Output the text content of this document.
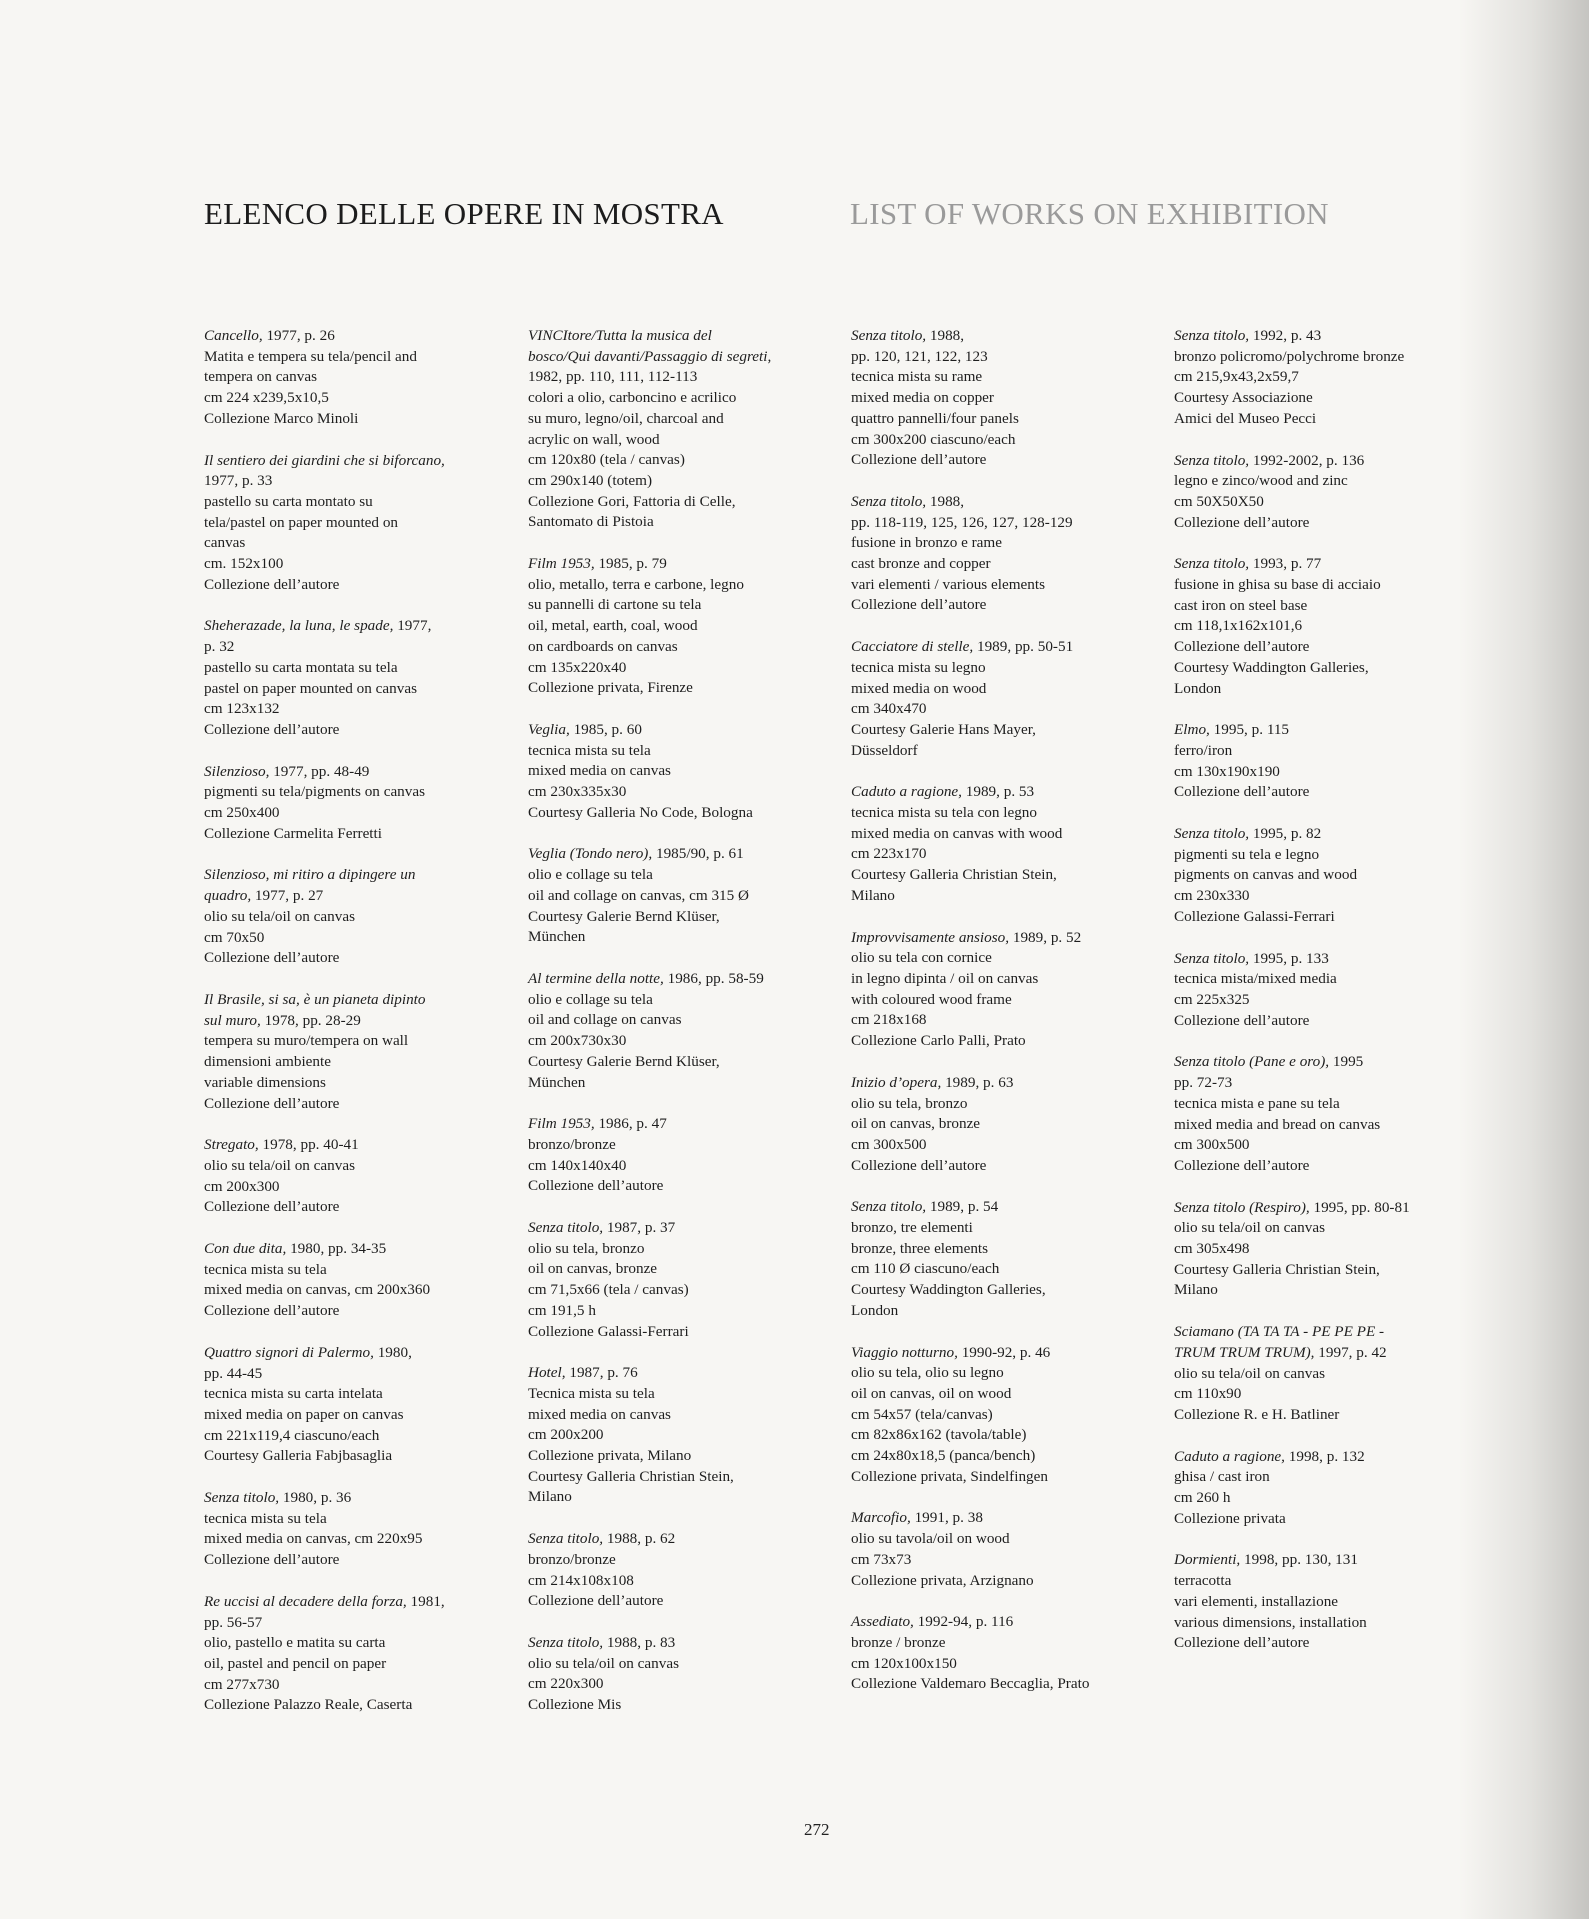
ELENCO DELLE OPERE IN MOSTRA	LIST OF WORKS ON EXHIBITION
Cancello, 1977, p. 26
Matita e tempera su tela/pencil and
tempera on canvas
cm 224 x239,5x10,5
Collezione Marco Minoli
Il sentiero dei giardini che si biforcano,
1977, p. 33
pastello su carta montato su
tela/pastel on paper mounted on
canvas
cm. 152x100
Collezione dell’autore
Sheherazade, la luna, le spade, 1977,
p. 32
pastello su carta montata su tela
pastel on paper mounted on canvas
cm 123x132
Collezione dell’autore
Silenzioso, 1977, pp. 48-49
pigmenti su tela/pigments on canvas
cm 250x400
Collezione Carmelita Ferretti
Silenzioso, mi ritiro a dipingere un
quadro, 1977, p. 27
olio su tela/oil on canvas
cm 70x50
Collezione dell’autore
Il Brasile, si sa, è un pianeta dipinto
sul muro, 1978, pp. 28-29
tempera su muro/tempera on wall
dimensioni ambiente
variable dimensions
Collezione dell’autore
Stregato, 1978, pp. 40-41
olio su tela/oil on canvas
cm 200x300
Collezione dell’autore
Con due dita, 1980, pp. 34-35
tecnica mista su tela
mixed media on canvas, cm 200x360
Collezione dell’autore
Quattro signori di Palermo, 1980,
pp. 44-45
tecnica mista su carta intelata
mixed media on paper on canvas
cm 221x119,4 ciascuno/each
Courtesy Galleria Fabjbasaglia
Senza titolo, 1980, p. 36
tecnica mista su tela
mixed media on canvas, cm 220x95
Collezione dell’autore
Re uccisi al decadere della forza, 1981,
pp. 56-57
olio, pastello e matita su carta
oil, pastel and pencil on paper
cm 277x730
Collezione Palazzo Reale, Caserta
VINCItore/Tutta la musica del
bosco/Qui davanti/Passaggio di segreti,
1982, pp. 110, 111, 112-113
colori a olio, carboncino e acrilico
su muro, legno/oil, charcoal and
acrylic on wall, wood
cm 120x80 (tela / canvas)
cm 290x140 (totem)
Collezione Gori, Fattoria di Celle,
Santomato di Pistoia
Film 1953, 1985, p. 79
olio, metallo, terra e carbone, legno
su pannelli di cartone su tela
oil, metal, earth, coal, wood
on cardboards on canvas
cm 135x220x40
Collezione privata, Firenze
Veglia, 1985, p. 60
tecnica mista su tela
mixed media on canvas
cm 230x335x30
Courtesy Galleria No Code, Bologna
Veglia (Tondo nero), 1985/90, p. 61
olio e collage su tela
oil and collage on canvas, cm 315 Ø
Courtesy Galerie Bernd Klüser,
München
Al termine della notte, 1986, pp. 58-59
olio e collage su tela
oil and collage on canvas
cm 200x730x30
Courtesy Galerie Bernd Klüser,
München
Film 1953, 1986, p. 47
bronzo/bronze
cm 140x140x40
Collezione dell’autore
Senza titolo, 1987, p. 37
olio su tela, bronzo
oil on canvas, bronze
cm 71,5x66 (tela / canvas)
cm 191,5 h
Collezione Galassi-Ferrari
Hotel, 1987, p. 76
Tecnica mista su tela
mixed media on canvas
cm 200x200
Collezione privata, Milano
Courtesy Galleria Christian Stein,
Milano
Senza titolo, 1988, p. 62
bronzo/bronze
cm 214x108x108
Collezione dell’autore
Senza titolo, 1988, p. 83
olio su tela/oil on canvas
cm 220x300
Collezione Mis
Senza titolo, 1988,
pp. 120, 121, 122, 123
tecnica mista su rame
mixed media on copper
quattro pannelli/four panels
cm 300x200 ciascuno/each
Collezione dell’autore
Senza titolo, 1988,
pp. 118-119, 125, 126, 127, 128-129
fusione in bronzo e rame
cast bronze and copper
vari elementi / various elements
Collezione dell’autore
Cacciatore di stelle, 1989, pp. 50-51
tecnica mista su legno
mixed media on wood
cm 340x470
Courtesy Galerie Hans Mayer,
Düsseldorf
Caduto a ragione, 1989, p. 53
tecnica mista su tela con legno
mixed media on canvas with wood
cm 223x170
Courtesy Galleria Christian Stein,
Milano
Improvvisamente ansioso, 1989, p. 52
olio su tela con cornice
in legno dipinta / oil on canvas
with coloured wood frame
cm 218x168
Collezione Carlo Palli, Prato
Inizio d’opera, 1989, p. 63
olio su tela, bronzo
oil on canvas, bronze
cm 300x500
Collezione dell’autore
Senza titolo, 1989, p. 54
bronzo, tre elementi
bronze, three elements
cm 110 Ø ciascuno/each
Courtesy Waddington Galleries,
London
Viaggio notturno, 1990-92, p. 46
olio su tela, olio su legno
oil on canvas, oil on wood
cm 54x57 (tela/canvas)
cm 82x86x162 (tavola/table)
cm 24x80x18,5 (panca/bench)
Collezione privata, Sindelfingen
Marcofio, 1991, p. 38
olio su tavola/oil on wood
cm 73x73
Collezione privata, Arzignano
Assediato, 1992-94, p. 116
bronze / bronze
cm 120x100x150
Collezione Valdemaro Beccaglia, Prato
Senza titolo, 1992, p. 43
bronzo policromo/polychrome bronze
cm 215,9x43,2x59,7
Courtesy Associazione
Amici del Museo Pecci
Senza titolo, 1992-2002, p. 136
legno e zinco/wood and zinc
cm 50X50X50
Collezione dell’autore
Senza titolo, 1993, p. 77
fusione in ghisa su base di acciaio
cast iron on steel base
cm 118,1x162x101,6
Collezione dell’autore
Courtesy Waddington Galleries,
London
Elmo, 1995, p. 115
ferro/iron
cm 130x190x190
Collezione dell’autore
Senza titolo, 1995, p. 82
pigmenti su tela e legno
pigments on canvas and wood
cm 230x330
Collezione Galassi-Ferrari
Senza titolo, 1995, p. 133
tecnica mista/mixed media
cm 225x325
Collezione dell’autore
Senza titolo (Pane e oro), 1995
pp. 72-73
tecnica mista e pane su tela
mixed media and bread on canvas
cm 300x500
Collezione dell’autore
Senza titolo (Respiro), 1995, pp. 80-81
olio su tela/oil on canvas
cm 305x498
Courtesy Galleria Christian Stein,
Milano
Sciamano (TA TA TA - PE PE PE -
TRUM TRUM TRUM), 1997, p. 42
olio su tela/oil on canvas
cm 110x90
Collezione R. e H. Batliner
Caduto a ragione, 1998, p. 132
ghisa / cast iron
cm 260 h
Collezione privata
Dormienti, 1998, pp. 130, 131
terracotta
vari elementi, installazione
various dimensions, installation
Collezione dell’autore
272
